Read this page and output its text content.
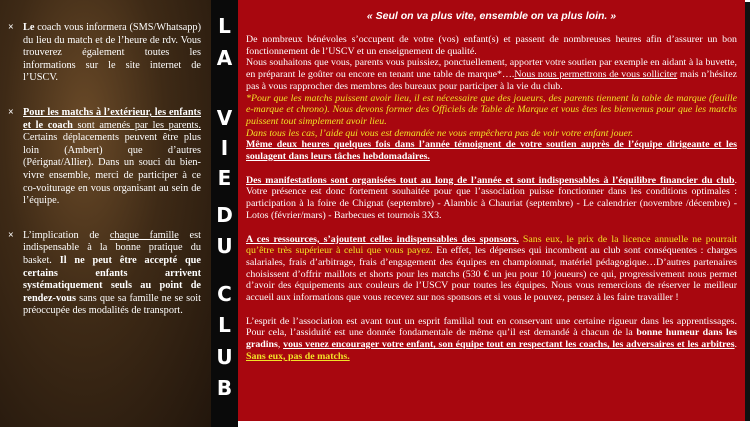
× Le coach vous informera (SMS/Whatsapp) du lieu du match et de l’heure de rdv. Vous trouverez également toutes les informations sur le site internet de l’USCV.

× Pour les matchs à l’extérieur, les enfants et le coach sont amenés par les parents. Certains déplacements peuvent être plus loin (Ambert) que d’autres (Pérignat/Allier). Dans un souci du bien-vivre ensemble, merci de participer à ce co-voiturage en vous organisant au sein de l’équipe.

× L’implication de chaque famille est indispensable à la bonne pratique du basket. Il ne peut être accepté que certains enfants arrivent systématiquement seuls au point de rendez-vous sans que sa famille ne se soit préoccupée des modalités de transport.

L
A
V
I
E
D
U
C
L
U
B
« Seul on va plus vite, ensemble on va plus loin. »

De nombreux bénévoles s’occupent de votre (vos) enfant(s) et passent de nombreuses heures afin d’assurer un bon fonctionnement de l’USCV et un enseignement de qualité.
Nous souhaitons que vous, parents vous puissiez, ponctuellement, apporter votre soutien par exemple en aidant à la buvette, en préparant le goûter ou encore en tenant une table de marque*….Nous nous permettrons de vous solliciter mais n’hésitez pas à vous rapprocher des membres des bureaux pour participer à la vie du club.
*Pour que les matchs puissent avoir lieu, il est nécessaire que des joueurs, des parents tiennent la table de marque (feuille e-marque et chrono). Nous devons former des Officiels de Table de Marque et vous êtes les bienvenus pour que les matchs puissent tout simplement avoir lieu.
Dans tous les cas, l’aide qui vous est demandée ne vous empêchera pas de voir votre enfant jouer.
Même deux heures quelques fois dans l’année témoignent de votre soutien auprès de l’équipe dirigeante et les soulagent dans leurs tâches hebdomadaires.

Des manifestations sont organisées tout au long de l’année et sont indispensables à l’équilibre financier du club. Votre présence est donc fortement souhaitée pour que l’association puisse fonctionner dans les conditions optimales : participation à la foire de Chignat (septembre) - Alambic à Chauriat (septembre) - Le calendrier (novembre /décembre) - Lotos (février/mars) - Barbecues et tournois 3X3.

A ces ressources, s’ajoutent celles indispensables des sponsors. Sans eux, le prix de la licence annuelle ne pourrait qu’être très supérieur à celui que vous payez. En effet, les dépenses qui incombent au club sont conséquentes : charges salariales, frais d’arbitrage, frais d’engagement des équipes en championnat, matériel pédagogique…D’autres partenaires choisissent d’offrir maillots et shorts pour les matchs (530 € un jeu pour 10 joueurs) ce qui, progressivement nous permet d’avoir des équipements aux couleurs de l’USCV pour toutes les équipes. Nous vous remercions de réserver le meilleur accueil aux informations que vous recevez sur nos sponsors et si vous le pouvez, pensez à les faire travailler !

L’esprit de l’association est avant tout un esprit familial tout en conservant une certaine rigueur dans les apprentissages. Pour cela, l’assiduité est une donnée fondamentale de même qu’il est demandé à chacun de la bonne humeur dans les gradins, vous venez encourager votre enfant, son équipe tout en respectant les coachs, les adversaires et les arbitres. Sans eux, pas de matchs.
